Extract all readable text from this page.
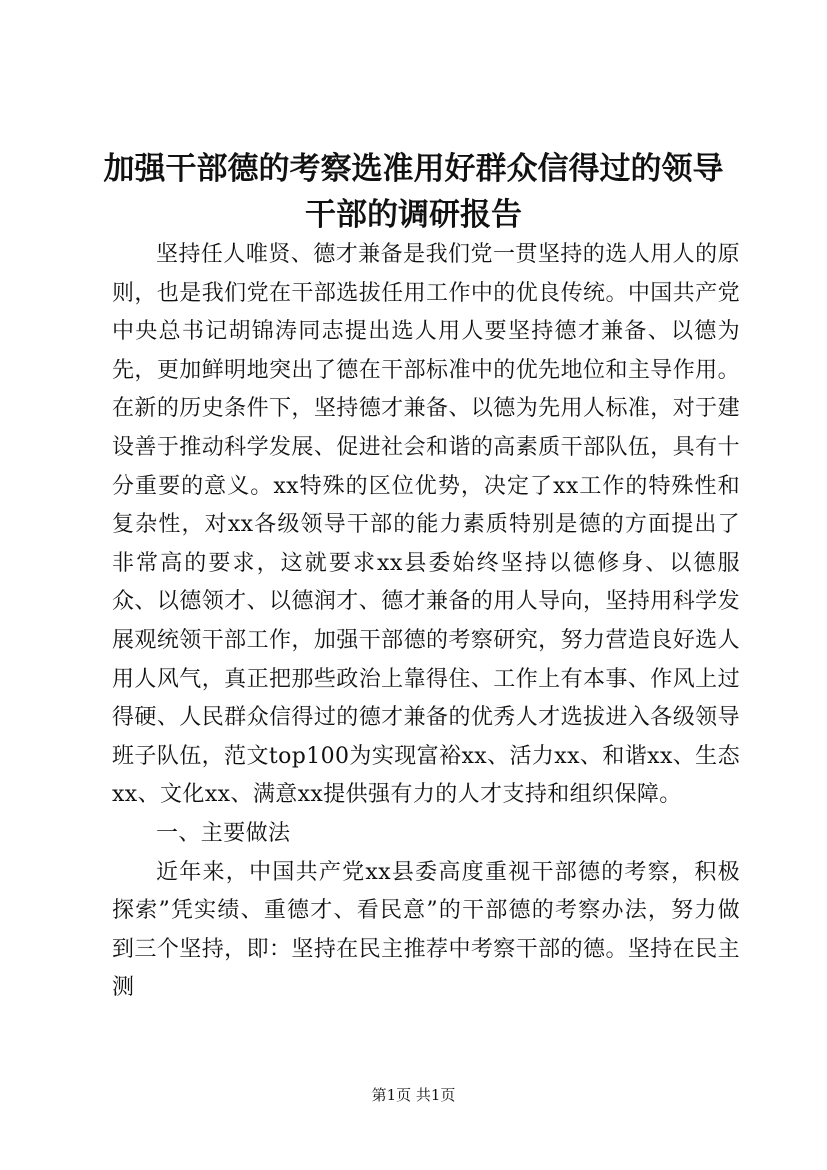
加强干部德的考察选准用好群众信得过的领导
干部的调研报告

坚持任人唯贤、德才兼备是我们党一贯坚持的选人用人的原则，也是我们党在干部选拔任用工作中的优良传统。中国共产党中央总书记胡锦涛同志提出选人用人要坚持德才兼备、以德为先，更加鲜明地突出了德在干部标准中的优先地位和主导作用。在新的历史条件下，坚持德才兼备、以德为先用人标准，对于建设善于推动科学发展、促进社会和谐的高素质干部队伍，具有十分重要的意义。xx特殊的区位优势，决定了xx工作的特殊性和复杂性，对xx各级领导干部的能力素质特别是德的方面提出了非常高的要求，这就要求xx县委始终坚持以德修身、以德服众、以德领才、以德润才、德才兼备的用人导向，坚持用科学发展观统领干部工作，加强干部德的考察研究，努力营造良好选人用人风气，真正把那些政治上靠得住、工作上有本事、作风上过得硬、人民群众信得过的德才兼备的优秀人才选拔进入各级领导班子队伍，范文top100为实现富裕xx、活力xx、和谐xx、生态xx、文化xx、满意xx提供强有力的人才支持和组织保障。

一、主要做法

近年来，中国共产党xx县委高度重视干部德的考察，积极探索”凭实绩、重德才、看民意”的干部德的考察办法，努力做到三个坚持，即：坚持在民主推荐中考察干部的德。坚持在民主测

第1页 共1页
